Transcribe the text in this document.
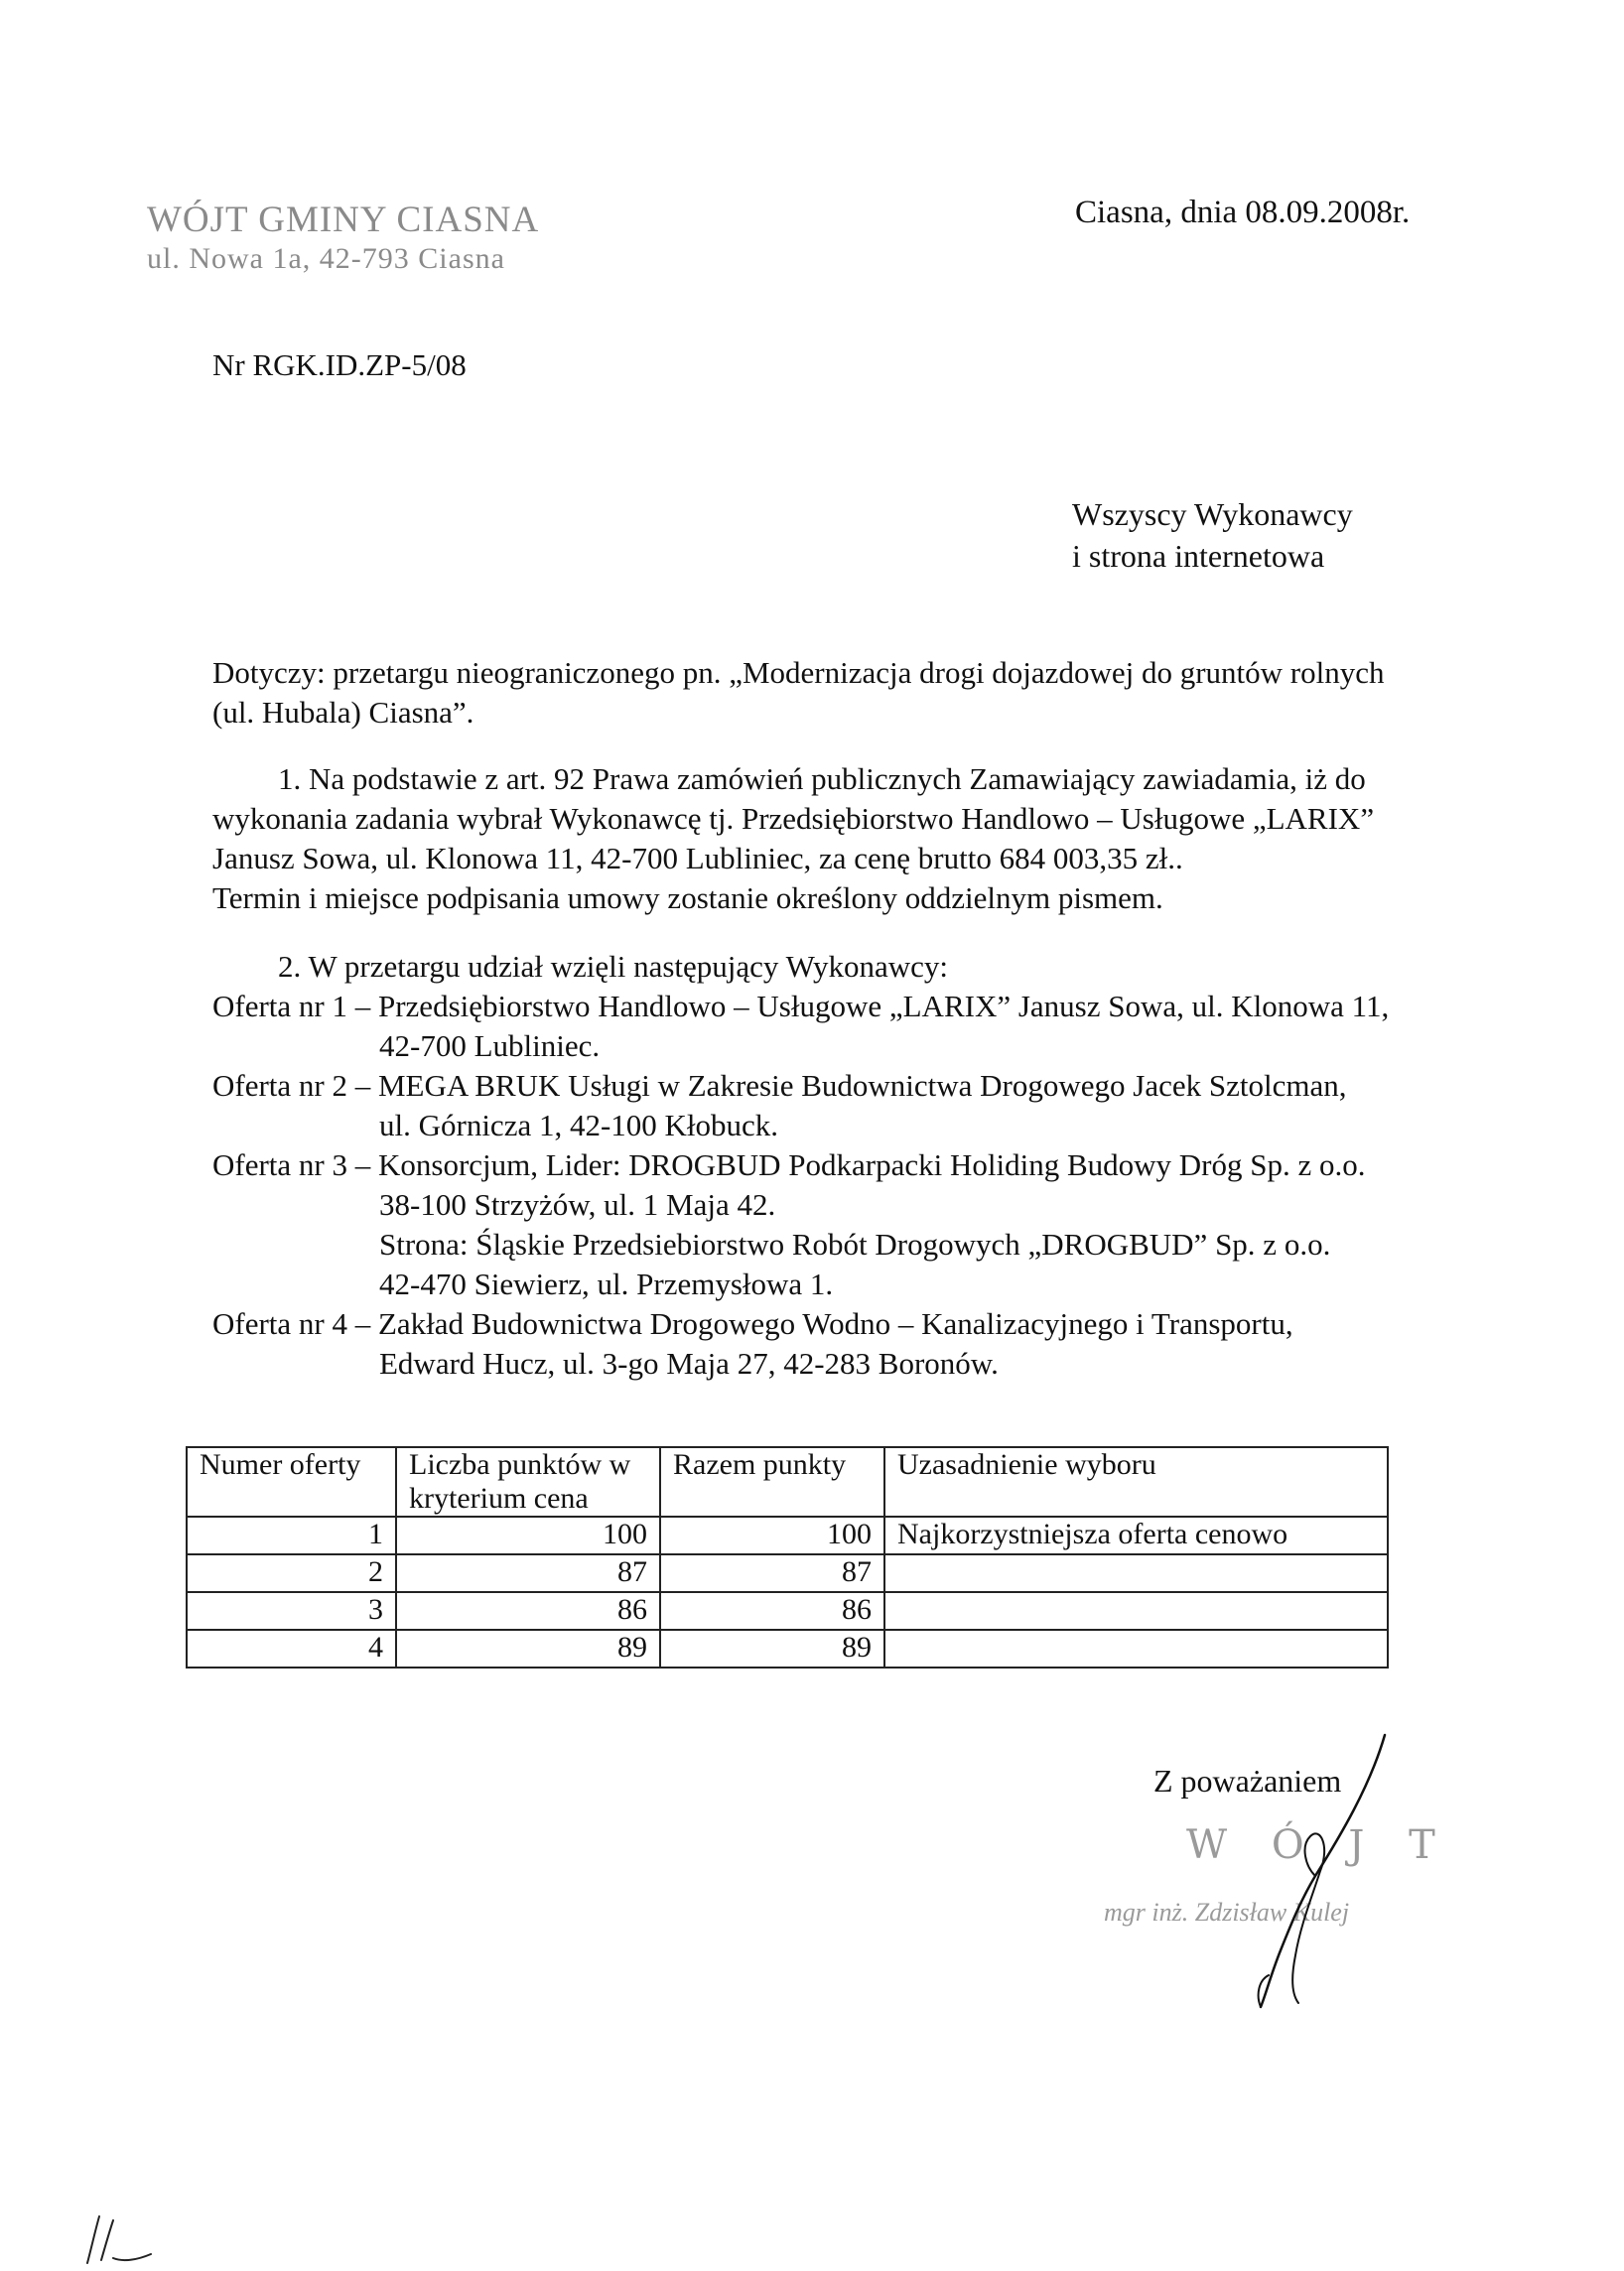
WÓJT GMINY CIASNA
ul. Nowa 1a, 42-793 Ciasna
Ciasna, dnia 08.09.2008r.
Nr RGK.ID.ZP-5/08
Wszyscy Wykonawcy
i strona internetowa
Dotyczy: przetargu nieograniczonego pn. „Modernizacja drogi dojazdowej do gruntów rolnych
(ul. Hubala) Ciasna”.
1. Na podstawie z art. 92 Prawa zamówień publicznych Zamawiający zawiadamia, iż do
wykonania zadania wybrał Wykonawcę tj. Przedsiębiorstwo Handlowo – Usługowe „LARIX”
Janusz Sowa, ul. Klonowa 11, 42-700 Lubliniec, za cenę brutto 684 003,35 zł..
Termin i miejsce podpisania umowy zostanie określony oddzielnym pismem.
2. W przetargu udział wzięli następujący Wykonawcy:
Oferta nr 1 – Przedsiębiorstwo Handlowo – Usługowe „LARIX” Janusz Sowa, ul. Klonowa 11,
42-700 Lubliniec.
Oferta nr 2 – MEGA BRUK Usługi w Zakresie Budownictwa Drogowego Jacek Sztolcman,
ul. Górnicza 1, 42-100 Kłobuck.
Oferta nr 3 – Konsorcjum, Lider: DROGBUD Podkarpacki Holiding Budowy Dróg Sp. z o.o.
38-100 Strzyżów, ul. 1 Maja 42.
Strona: Śląskie Przedsiebiorstwo Robót Drogowych „DROGBUD” Sp. z o.o.
42-470 Siewierz, ul. Przemysłowa 1.
Oferta nr 4 – Zakład Budownictwa Drogowego Wodno – Kanalizacyjnego i Transportu,
Edward Hucz, ul. 3-go Maja 27, 42-283 Boronów.
Numer oferty	Liczba punktów w kryterium cena	Razem punkty	Uzasadnienie wyboru
1	100	100	Najkorzystniejsza oferta cenowo
2	87	87	
3	86	86	
4	89	89	
Z poważaniem
W Ó J T
mgr inż. Zdzisław Kulej
